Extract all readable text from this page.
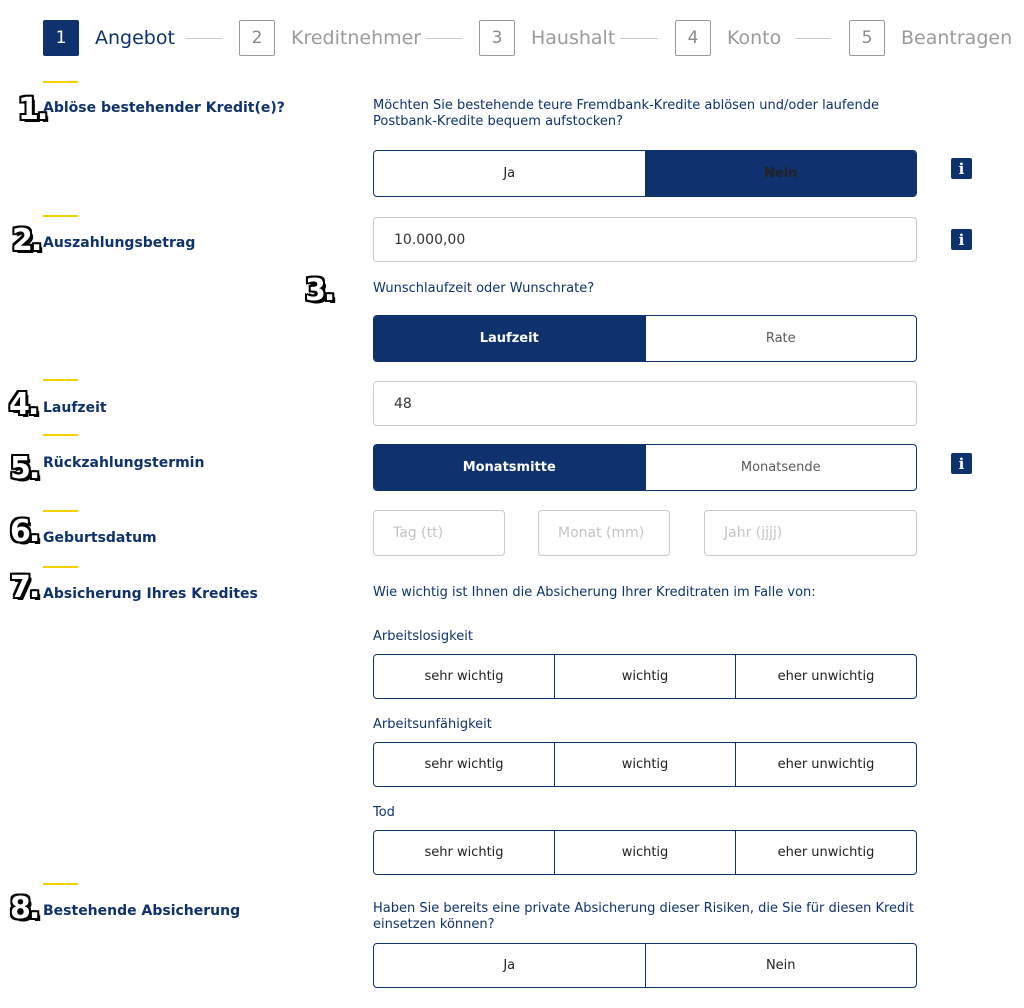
1	Angebot	2	Kreditnehmer	3	Haushalt	4	Konto	5	Beantragen
1.
Ablöse bestehender Kredit(e)?	Möchten Sie bestehende teure Fremdbank-Kredite ablösen und/oder laufende Postbank-Kredite bequem aufstocken?
Ja	Nein	i
2. Auszahlungsbetrag	10.000,00	i
3.	Wunschlaufzeit oder Wunschrate?
Laufzeit	Rate
4. Laufzeit	48
5. Rückzahlungstermin	Monatsmitte	Monatsende	i
6. Geburtsdatum	Tag (tt)	Monat (mm)	Jahr (jjjj)
7. Absicherung Ihres Kredites	Wie wichtig ist Ihnen die Absicherung Ihrer Kreditraten im Falle von:
Arbeitslosigkeit
sehr wichtig	wichtig	eher unwichtig
Arbeitsunfähigkeit
sehr wichtig	wichtig	eher unwichtig
Tod
sehr wichtig	wichtig	eher unwichtig
8. Bestehende Absicherung	Haben Sie bereits eine private Absicherung dieser Risiken, die Sie für diesen Kredit einsetzen können?
Ja	Nein
